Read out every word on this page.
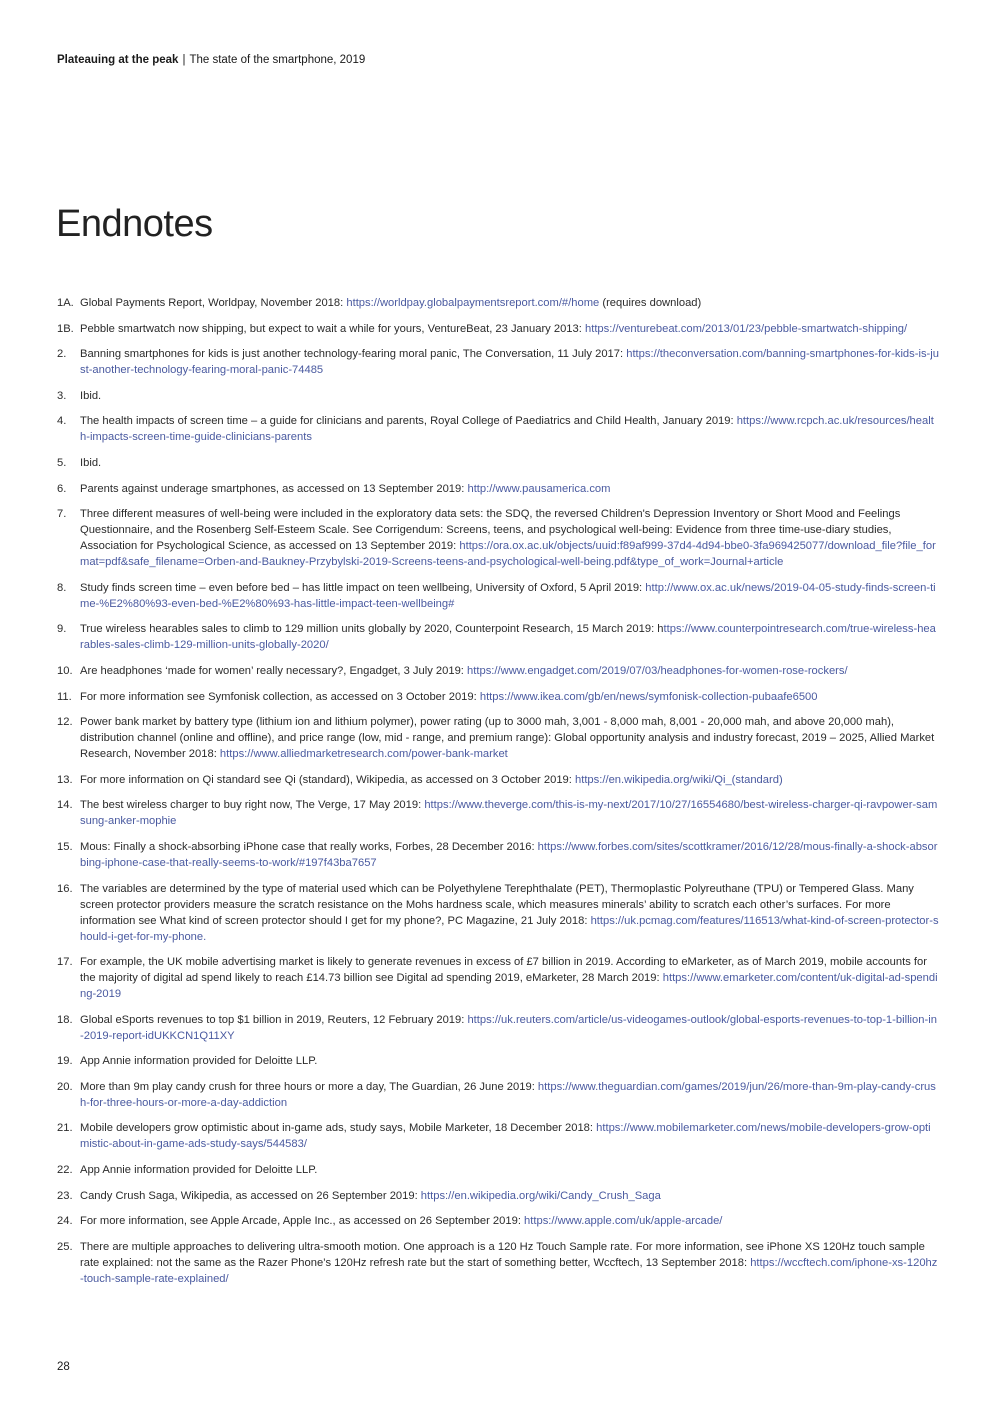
Plateauing at the peak | The state of the smartphone, 2019
Endnotes
1A. Global Payments Report, Worldpay, November 2018: https://worldpay.globalpaymentsreport.com/#/home (requires download)
1B. Pebble smartwatch now shipping, but expect to wait a while for yours, VentureBeat, 23 January 2013: https://venturebeat.com/2013/01/23/pebble-smartwatch-shipping/
2. Banning smartphones for kids is just another technology-fearing moral panic, The Conversation, 11 July 2017: https://theconversation.com/banning-smartphones-for-kids-is-just-another-technology-fearing-moral-panic-74485
3. Ibid.
4. The health impacts of screen time – a guide for clinicians and parents, Royal College of Paediatrics and Child Health, January 2019: https://www.rcpch.ac.uk/resources/health-impacts-screen-time-guide-clinicians-parents
5. Ibid.
6. Parents against underage smartphones, as accessed on 13 September 2019: http://www.pausamerica.com
7. Three different measures of well-being were included in the exploratory data sets: the SDQ, the reversed Children's Depression Inventory or Short Mood and Feelings Questionnaire, and the Rosenberg Self-Esteem Scale. See Corrigendum: Screens, teens, and psychological well-being: Evidence from three time-use-diary studies, Association for Psychological Science, as accessed on 13 September 2019: https://ora.ox.ac.uk/objects/uuid:f89af999-37d4-4d94-bbe0-3fa969425077/download_file?file_format=pdf&safe_filename=Orben-and-Baukney-Przybylski-2019-Screens-teens-and-psychological-well-being.pdf&type_of_work=Journal+article
8. Study finds screen time – even before bed – has little impact on teen wellbeing, University of Oxford, 5 April 2019: http://www.ox.ac.uk/news/2019-04-05-study-finds-screen-time-%E2%80%93-even-bed-%E2%80%93-has-little-impact-teen-wellbeing#
9. True wireless hearables sales to climb to 129 million units globally by 2020, Counterpoint Research, 15 March 2019: https://www.counterpointresearch.com/true-wireless-hearables-sales-climb-129-million-units-globally-2020/
10. Are headphones ‘made for women’ really necessary?, Engadget, 3 July 2019: https://www.engadget.com/2019/07/03/headphones-for-women-rose-rockers/
11. For more information see Symfonisk collection, as accessed on 3 October 2019: https://www.ikea.com/gb/en/news/symfonisk-collection-pubaafe6500
12. Power bank market by battery type (lithium ion and lithium polymer), power rating (up to 3000 mah, 3,001 - 8,000 mah, 8,001 - 20,000 mah, and above 20,000 mah), distribution channel (online and offline), and price range (low, mid - range, and premium range): Global opportunity analysis and industry forecast, 2019 – 2025, Allied Market Research, November 2018: https://www.alliedmarketresearch.com/power-bank-market
13. For more information on Qi standard see Qi (standard), Wikipedia, as accessed on 3 October 2019: https://en.wikipedia.org/wiki/Qi_(standard)
14. The best wireless charger to buy right now, The Verge, 17 May 2019: https://www.theverge.com/this-is-my-next/2017/10/27/16554680/best-wireless-charger-qi-ravpower-samsung-anker-mophie
15. Mous: Finally a shock-absorbing iPhone case that really works, Forbes, 28 December 2016: https://www.forbes.com/sites/scottkramer/2016/12/28/mous-finally-a-shock-absorbing-iphone-case-that-really-seems-to-work/#197f43ba7657
16. The variables are determined by the type of material used which can be Polyethylene Terephthalate (PET), Thermoplastic Polyreuthane (TPU) or Tempered Glass. Many screen protector providers measure the scratch resistance on the Mohs hardness scale, which measures minerals’ ability to scratch each other’s surfaces. For more information see What kind of screen protector should I get for my phone?, PC Magazine, 21 July 2018: https://uk.pcmag.com/features/116513/what-kind-of-screen-protector-should-i-get-for-my-phone.
17. For example, the UK mobile advertising market is likely to generate revenues in excess of £7 billion in 2019. According to eMarketer, as of March 2019, mobile accounts for the majority of digital ad spend likely to reach £14.73 billion see Digital ad spending 2019, eMarketer, 28 March 2019: https://www.emarketer.com/content/uk-digital-ad-spending-2019
18. Global eSports revenues to top $1 billion in 2019, Reuters, 12 February 2019: https://uk.reuters.com/article/us-videogames-outlook/global-esports-revenues-to-top-1-billion-in-2019-report-idUKKCN1Q11XY
19. App Annie information provided for Deloitte LLP.
20. More than 9m play candy crush for three hours or more a day, The Guardian, 26 June 2019: https://www.theguardian.com/games/2019/jun/26/more-than-9m-play-candy-crush-for-three-hours-or-more-a-day-addiction
21. Mobile developers grow optimistic about in-game ads, study says, Mobile Marketer, 18 December 2018: https://www.mobilemarketer.com/news/mobile-developers-grow-optimistic-about-in-game-ads-study-says/544583/
22. App Annie information provided for Deloitte LLP.
23. Candy Crush Saga, Wikipedia, as accessed on 26 September 2019: https://en.wikipedia.org/wiki/Candy_Crush_Saga
24. For more information, see Apple Arcade, Apple Inc., as accessed on 26 September 2019: https://www.apple.com/uk/apple-arcade/
25. There are multiple approaches to delivering ultra-smooth motion. One approach is a 120 Hz Touch Sample rate. For more information, see iPhone XS 120Hz touch sample rate explained: not the same as the Razer Phone’s 120Hz refresh rate but the start of something better, Wccftech, 13 September 2018: https://wccftech.com/iphone-xs-120hz-touch-sample-rate-explained/
28
